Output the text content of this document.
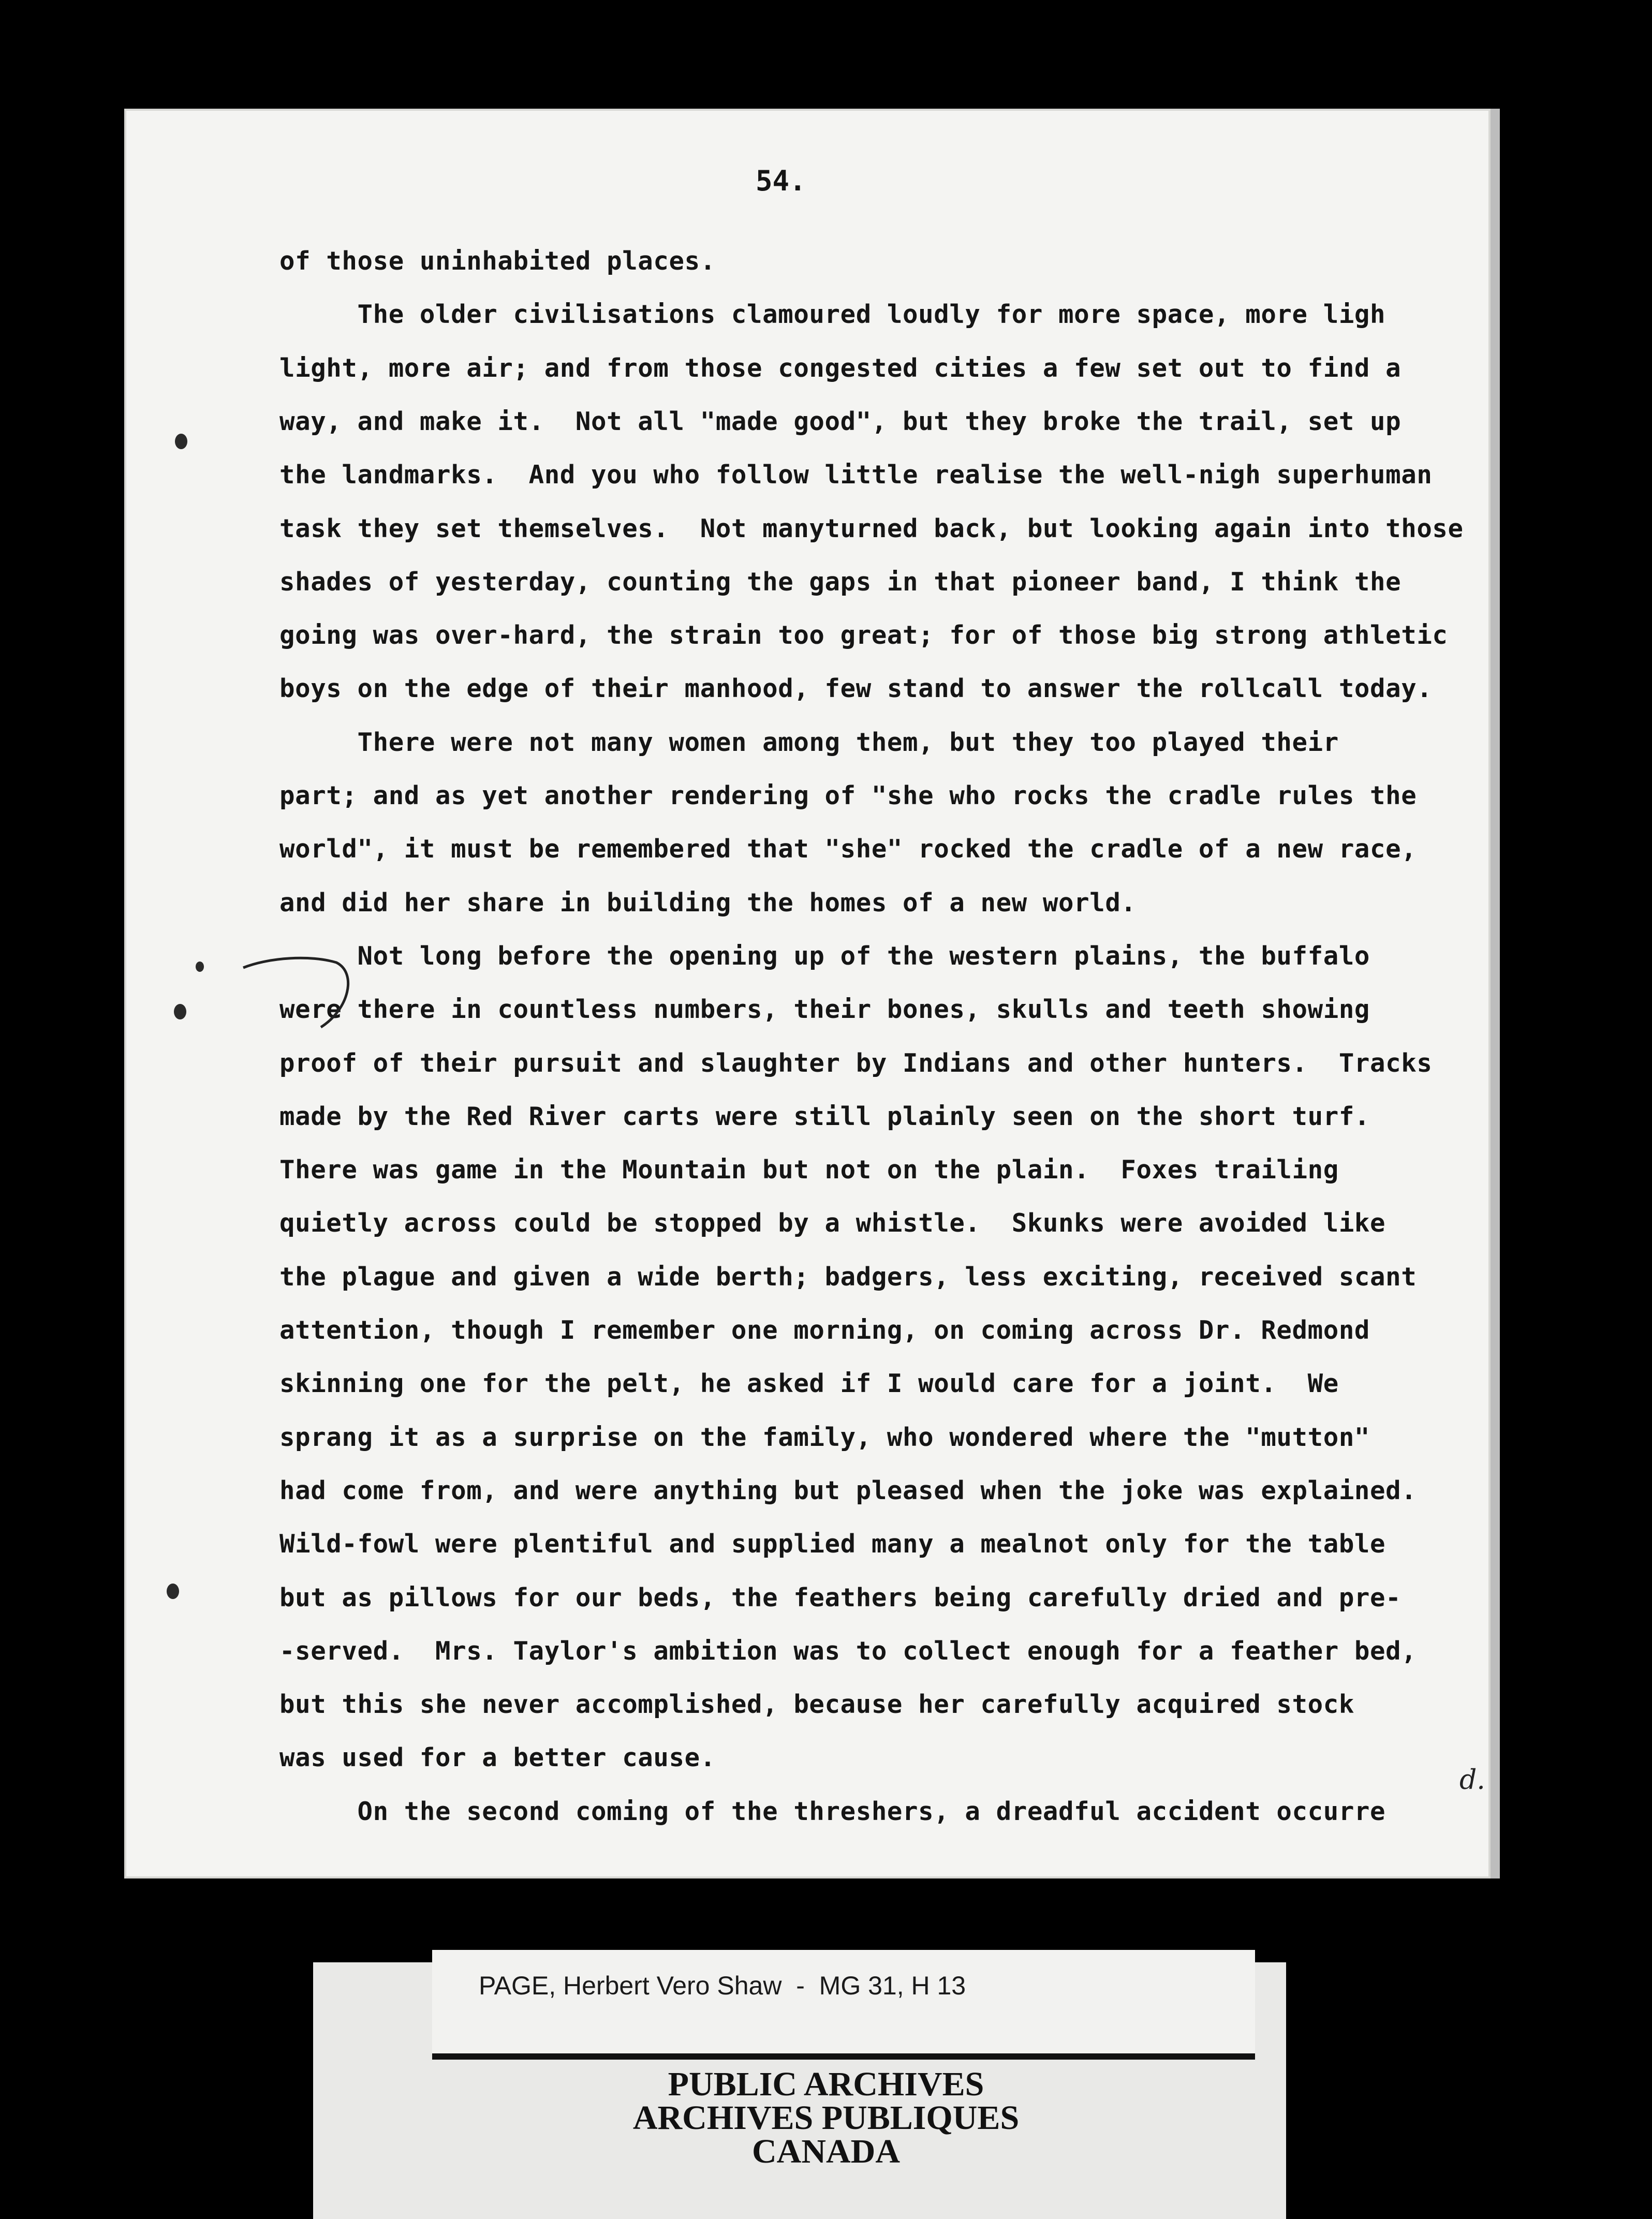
54.
of those uninhabited places.
The older civilisations clamoured loudly for more space, more ligh
light, more air; and from those congested cities a few set out to find a
way, and make it.  Not all "made good", but they broke the trail, set up
the landmarks.  And you who follow little realise the well-nigh superhuman
task they set themselves.  Not manyturned back, but looking again into those
shades of yesterday, counting the gaps in that pioneer band, I think the
going was over-hard, the strain too great; for of those big strong athletic
boys on the edge of their manhood, few stand to answer the rollcall today.
There were not many women among them, but they too played their
part; and as yet another rendering of "she who rocks the cradle rules the
world", it must be remembered that "she" rocked the cradle of a new race,
and did her share in building the homes of a new world.
Not long before the opening up of the western plains, the buffalo
were there in countless numbers, their bones, skulls and teeth showing
proof of their pursuit and slaughter by Indians and other hunters.  Tracks
made by the Red River carts were still plainly seen on the short turf.
There was game in the Mountain but not on the plain.  Foxes trailing
quietly across could be stopped by a whistle.  Skunks were avoided like
the plague and given a wide berth; badgers, less exciting, received scant
attention, though I remember one morning, on coming across Dr. Redmond
skinning one for the pelt, he asked if I would care for a joint.  We
sprang it as a surprise on the family, who wondered where the "mutton"
had come from, and were anything but pleased when the joke was explained.
Wild-fowl were plentiful and supplied many a mealnot only for the table
but as pillows for our beds, the feathers being carefully dried and pre-
-served.  Mrs. Taylor's ambition was to collect enough for a feather bed,
but this she never accomplished, because her carefully acquired stock
was used for a better cause.
On the second coming of the threshers, a dreadful accident occurre
d.
PAGE, Herbert Vero Shaw  -  MG 31, H 13
PUBLIC ARCHIVES
ARCHIVES PUBLIQUES
CANADA
